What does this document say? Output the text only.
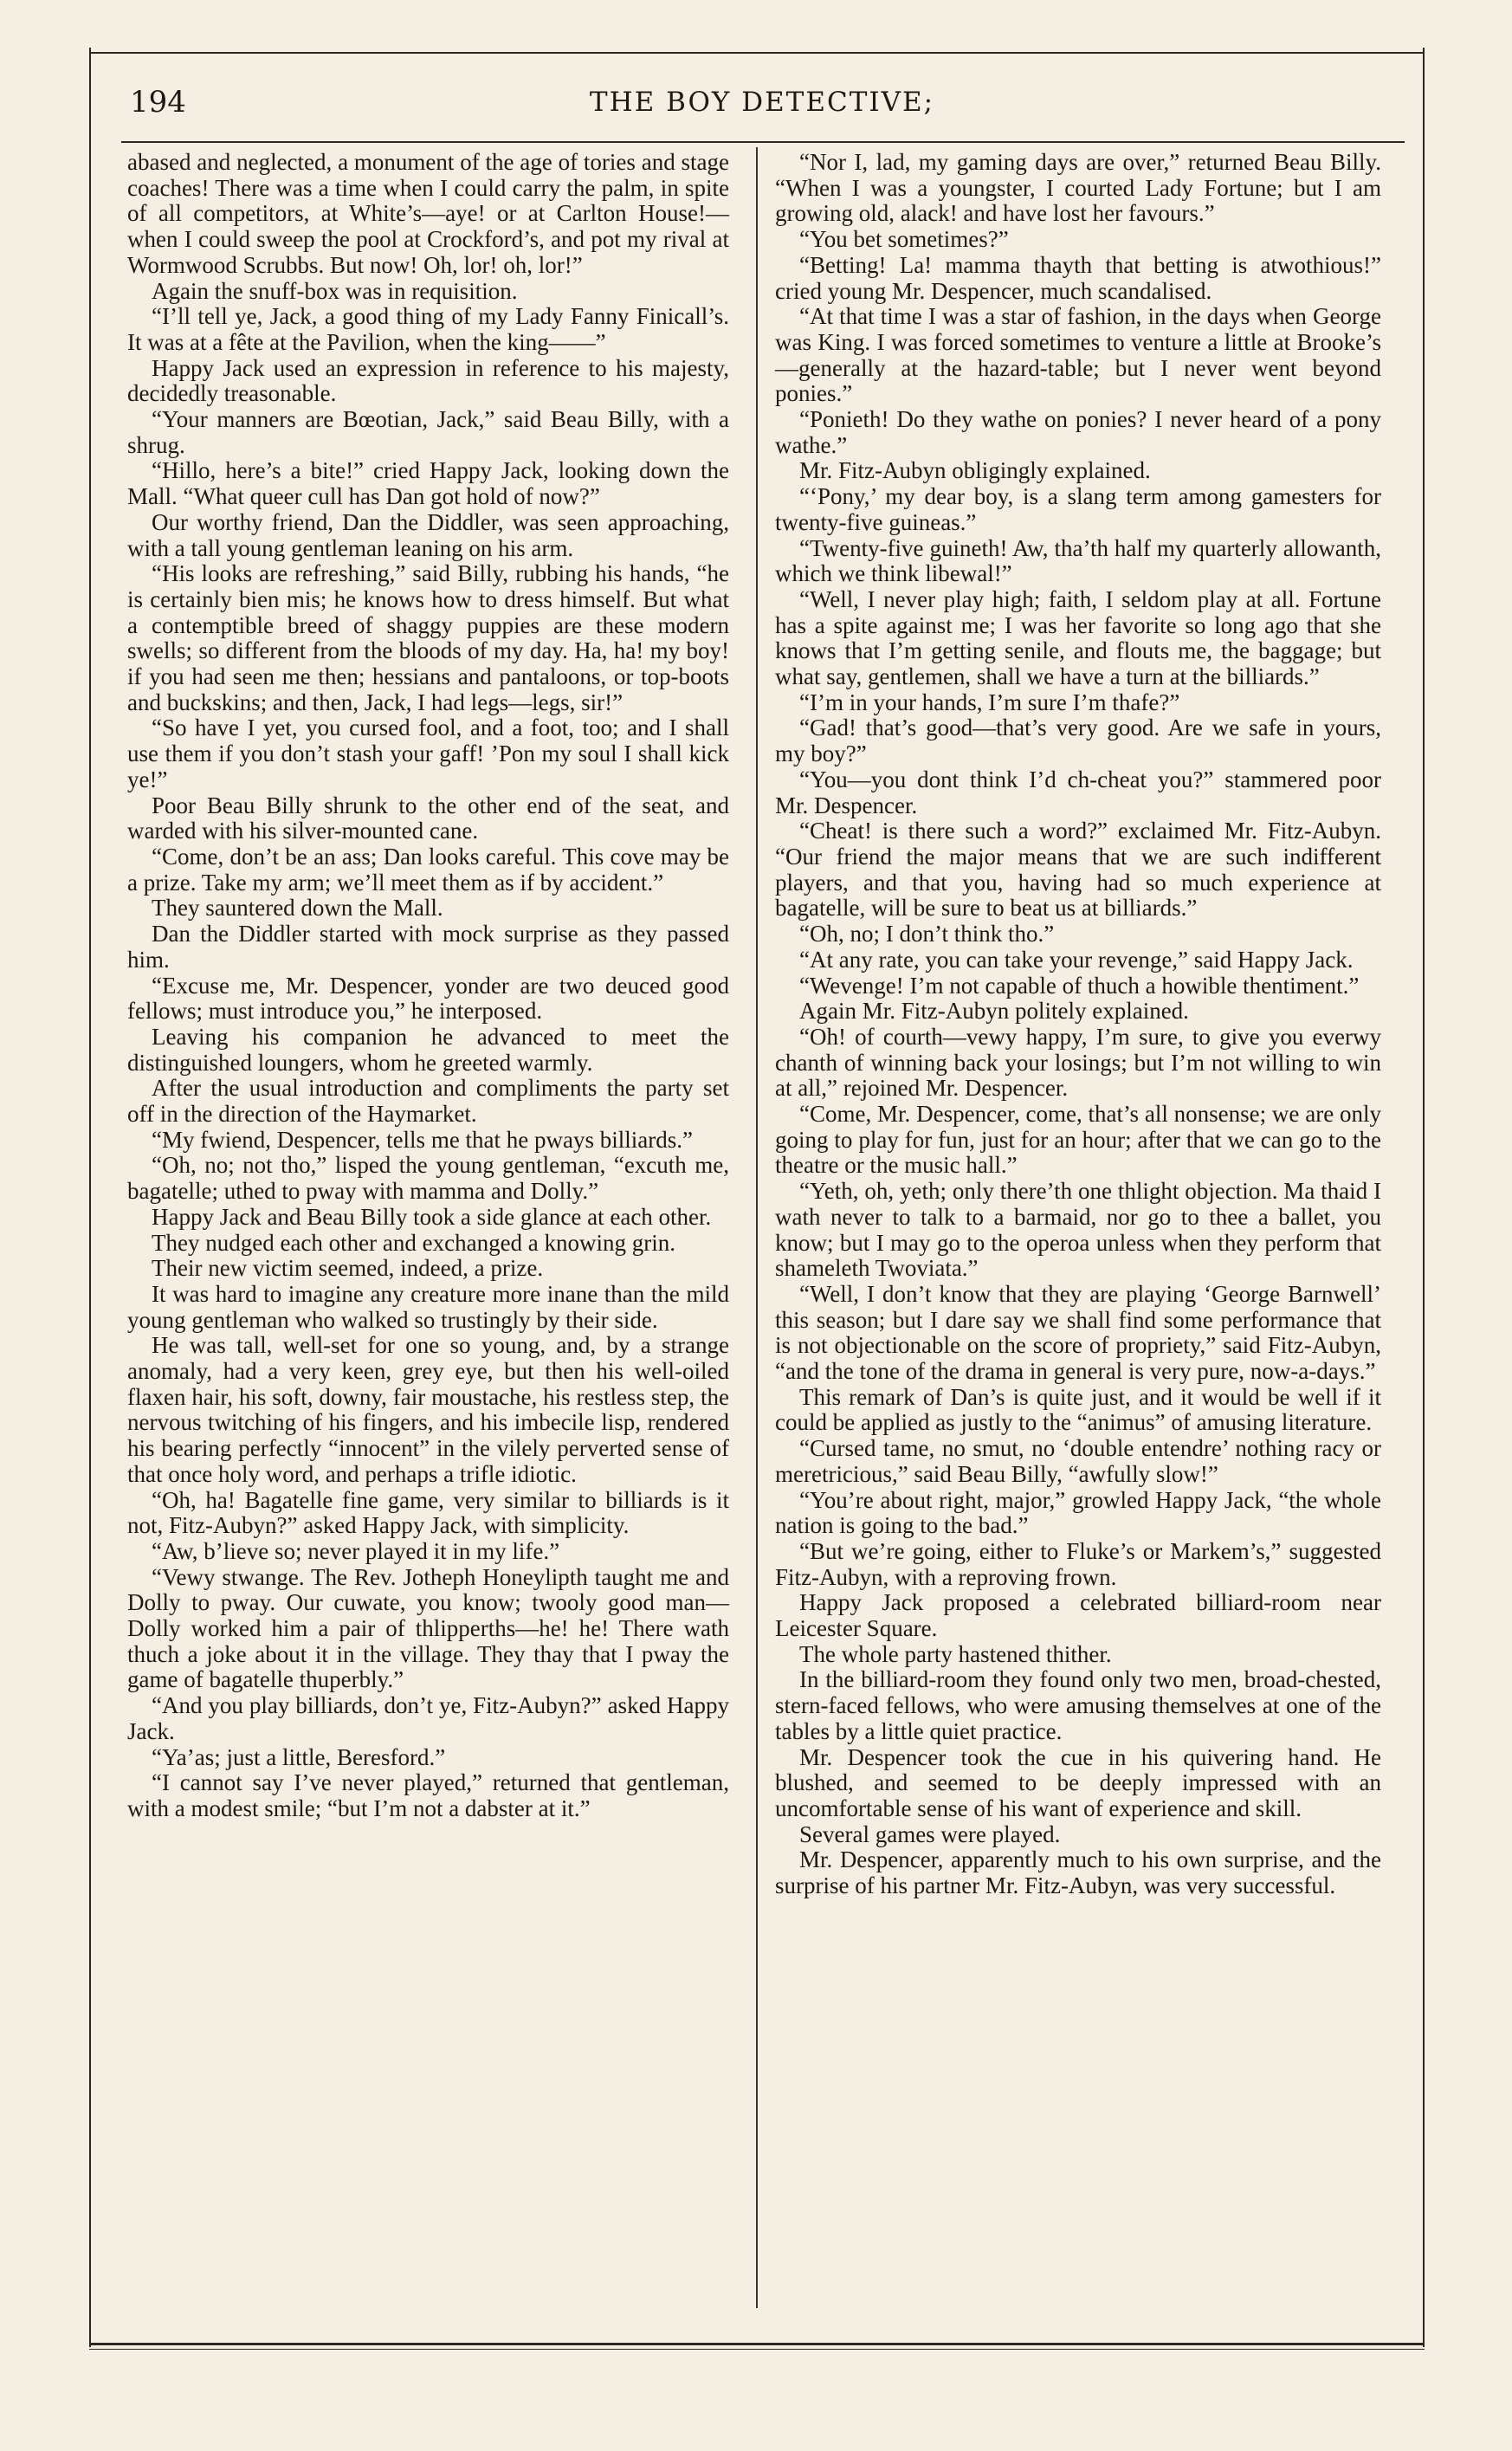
194	THE BOY DETECTIVE;

abased and neglected, a monument of the age of tories and stage coaches! There was a time when I could carry the palm, in spite of all competitors, at White’s—aye! or at Carlton House!—when I could sweep the pool at Crockford’s, and pot my rival at Wormwood Scrubbs. But now! Oh, lor! oh, lor!”

Again the snuff-box was in requisition.

“I’ll tell ye, Jack, a good thing of my Lady Fanny Finicall’s. It was at a fête at the Pavilion, when the king——”

Happy Jack used an expression in reference to his majesty, decidedly treasonable.

“Your manners are Bœotian, Jack,” said Beau Billy, with a shrug.

“Hillo, here’s a bite!” cried Happy Jack, looking down the Mall. “What queer cull has Dan got hold of now?”

Our worthy friend, Dan the Diddler, was seen approaching, with a tall young gentleman leaning on his arm.

“His looks are refreshing,” said Billy, rubbing his hands, “he is certainly bien mis; he knows how to dress himself. But what a contemptible breed of shaggy puppies are these modern swells; so different from the bloods of my day. Ha, ha! my boy! if you had seen me then; hessians and pantaloons, or top-boots and buckskins; and then, Jack, I had legs—legs, sir!”

“So have I yet, you cursed fool, and a foot, too; and I shall use them if you don’t stash your gaff! ’Pon my soul I shall kick ye!”

Poor Beau Billy shrunk to the other end of the seat, and warded with his silver-mounted cane.

“Come, don’t be an ass; Dan looks careful. This cove may be a prize. Take my arm; we’ll meet them as if by accident.”

They sauntered down the Mall.

Dan the Diddler started with mock surprise as they passed him.

“Excuse me, Mr. Despencer, yonder are two deuced good fellows; must introduce you,” he interposed.

Leaving his companion he advanced to meet the distinguished loungers, whom he greeted warmly.

After the usual introduction and compliments the party set off in the direction of the Haymarket.

“My fwiend, Despencer, tells me that he pways billiards.”

“Oh, no; not tho,” lisped the young gentleman, “excuth me, bagatelle; uthed to pway with mamma and Dolly.”

Happy Jack and Beau Billy took a side glance at each other.

They nudged each other and exchanged a knowing grin.

Their new victim seemed, indeed, a prize.

It was hard to imagine any creature more inane than the mild young gentleman who walked so trustingly by their side.

He was tall, well-set for one so young, and, by a strange anomaly, had a very keen, grey eye, but then his well-oiled flaxen hair, his soft, downy, fair moustache, his restless step, the nervous twitching of his fingers, and his imbecile lisp, rendered his bearing perfectly “innocent” in the vilely perverted sense of that once holy word, and perhaps a trifle idiotic.

“Oh, ha! Bagatelle fine game, very similar to billiards is it not, Fitz-Aubyn?” asked Happy Jack, with simplicity.

“Aw, b’lieve so; never played it in my life.”

“Vewy stwange. The Rev. Jotheph Honeylipth taught me and Dolly to pway. Our cuwate, you know; twooly good man—Dolly worked him a pair of thlipperths—he! he! There wath thuch a joke about it in the village. They thay that I pway the game of bagatelle thuperbly.”

“And you play billiards, don’t ye, Fitz-Aubyn?” asked Happy Jack.

“Ya’as; just a little, Beresford.”

“I cannot say I’ve never played,” returned that gentleman, with a modest smile; “but I’m not a dabster at it.”

“Nor I, lad, my gaming days are over,” returned Beau Billy. “When I was a youngster, I courted Lady Fortune; but I am growing old, alack! and have lost her favours.”

“You bet sometimes?”

“Betting! La! mamma thayth that betting is atwothious!” cried young Mr. Despencer, much scandalised.

“At that time I was a star of fashion, in the days when George was King. I was forced sometimes to venture a little at Brooke’s—generally at the hazard-table; but I never went beyond ponies.”

“Ponieth! Do they wathe on ponies? I never heard of a pony wathe.”

Mr. Fitz-Aubyn obligingly explained.

“‘Pony,’ my dear boy, is a slang term among gamesters for twenty-five guineas.”

“Twenty-five guineth! Aw, tha’th half my quarterly allowanth, which we think libewal!”

“Well, I never play high; faith, I seldom play at all. Fortune has a spite against me; I was her favorite so long ago that she knows that I’m getting senile, and flouts me, the baggage; but what say, gentlemen, shall we have a turn at the billiards.”

“I’m in your hands, I’m sure I’m thafe?”

“Gad! that’s good—that’s very good. Are we safe in yours, my boy?”

“You—you dont think I’d ch-cheat you?” stammered poor Mr. Despencer.

“Cheat! is there such a word?” exclaimed Mr. Fitz-Aubyn. “Our friend the major means that we are such indifferent players, and that you, having had so much experience at bagatelle, will be sure to beat us at billiards.”

“Oh, no; I don’t think tho.”

“At any rate, you can take your revenge,” said Happy Jack.

“Wevenge! I’m not capable of thuch a howible thentiment.”

Again Mr. Fitz-Aubyn politely explained.

“Oh! of courth—vewy happy, I’m sure, to give you everwy chanth of winning back your losings; but I’m not willing to win at all,” rejoined Mr. Despencer.

“Come, Mr. Despencer, come, that’s all nonsense; we are only going to play for fun, just for an hour; after that we can go to the theatre or the music hall.”

“Yeth, oh, yeth; only there’th one thlight objection. Ma thaid I wath never to talk to a barmaid, nor go to thee a ballet, you know; but I may go to the operoa unless when they perform that shameleth Twoviata.”

“Well, I don’t know that they are playing ‘George Barnwell’ this season; but I dare say we shall find some performance that is not objectionable on the score of propriety,” said Fitz-Aubyn, “and the tone of the drama in general is very pure, now-a-days.”

This remark of Dan’s is quite just, and it would be well if it could be applied as justly to the “animus” of amusing literature.

“Cursed tame, no smut, no ‘double entendre’ nothing racy or meretricious,” said Beau Billy, “awfully slow!”

“You’re about right, major,” growled Happy Jack, “the whole nation is going to the bad.”

“But we’re going, either to Fluke’s or Markem’s,” suggested Fitz-Aubyn, with a reproving frown.

Happy Jack proposed a celebrated billiard-room near Leicester Square.

The whole party hastened thither.

In the billiard-room they found only two men, broad-chested, stern-faced fellows, who were amusing themselves at one of the tables by a little quiet practice.

Mr. Despencer took the cue in his quivering hand. He blushed, and seemed to be deeply impressed with an uncomfortable sense of his want of experience and skill.

Several games were played.

Mr. Despencer, apparently much to his own surprise, and the surprise of his partner Mr. Fitz-Aubyn, was very successful.
